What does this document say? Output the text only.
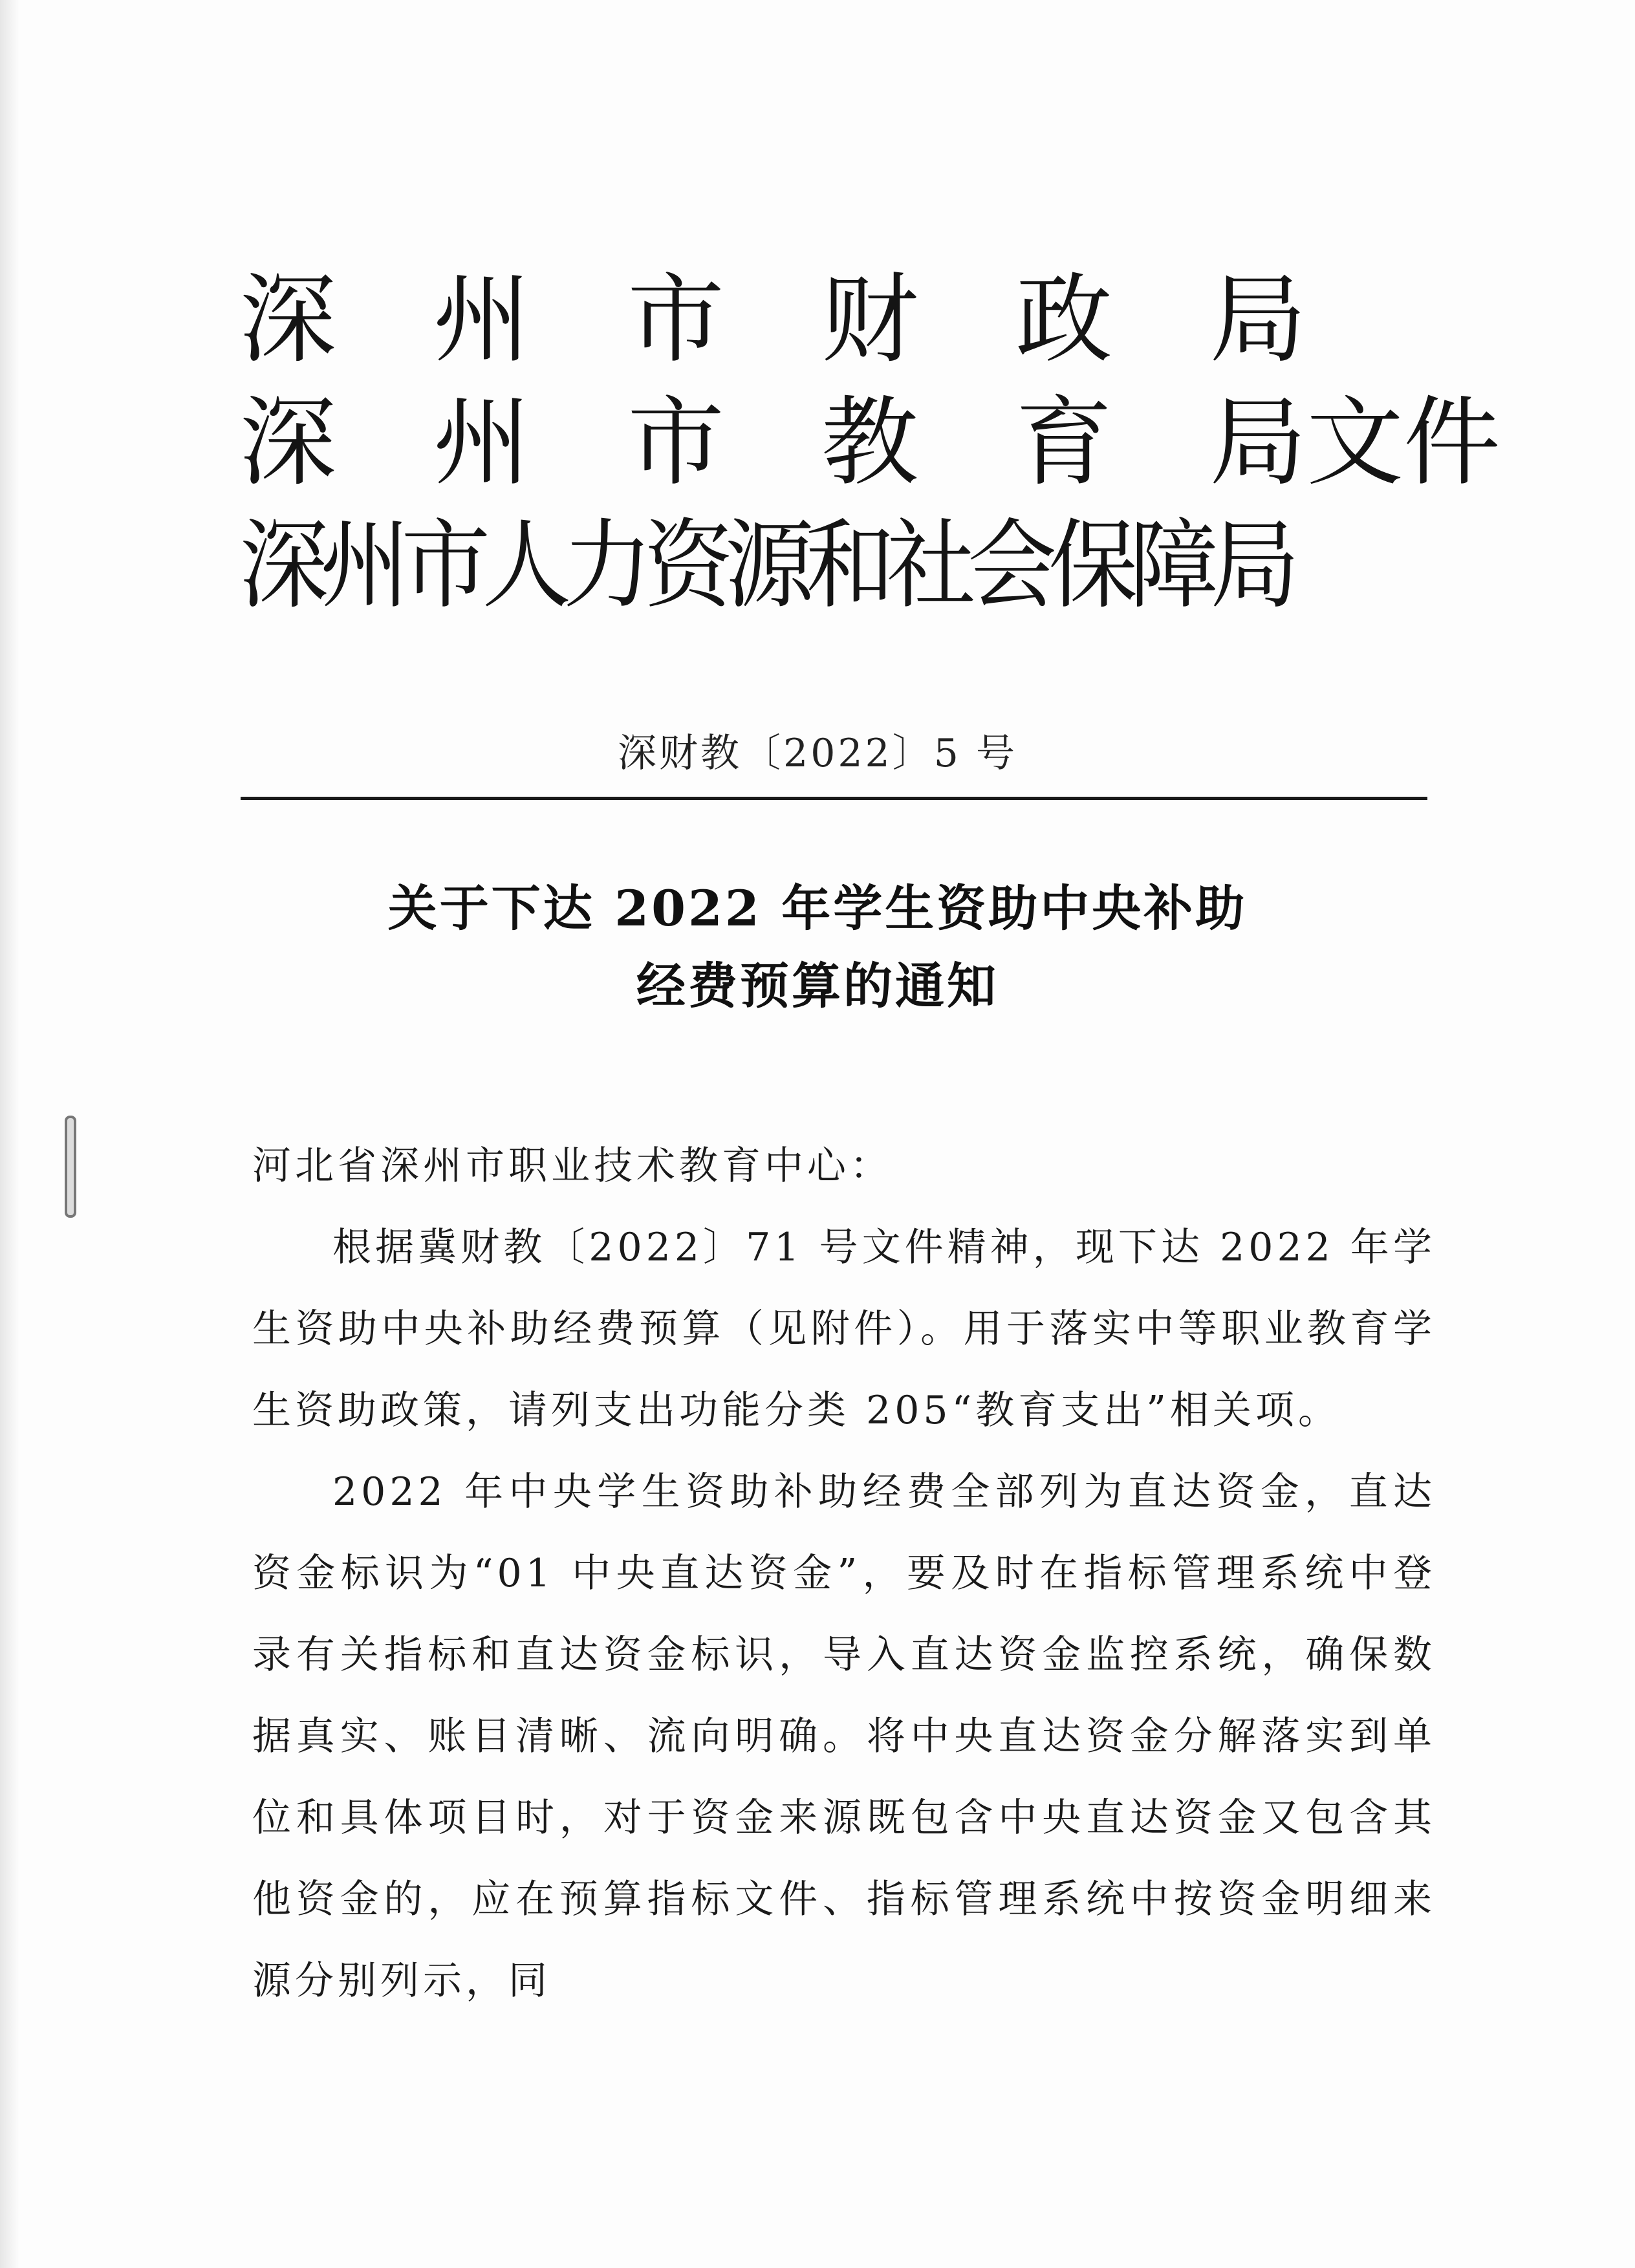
深　州　市　财　政　局
深　州　市　教　育　局文件
深州市人力资源和社会保障局
深财教〔2022〕5 号
关于下达 2022 年学生资助中央补助
经费预算的通知

河北省深州市职业技术教育中心：

根据冀财教〔2022〕71 号文件精神，现下达 2022 年学生资助中央补助经费预算（见附件）。用于落实中等职业教育学生资助政策，请列支出功能分类 205“教育支出”相关项。

2022 年中央学生资助补助经费全部列为直达资金，直达资金标识为“01 中央直达资金”，要及时在指标管理系统中登录有关指标和直达资金标识，导入直达资金监控系统，确保数据真实、账目清晰、流向明确。将中央直达资金分解落实到单位和具体项目时，对于资金来源既包含中央直达资金又包含其他资金的，应在预算指标文件、指标管理系统中按资金明细来源分别列示，同
